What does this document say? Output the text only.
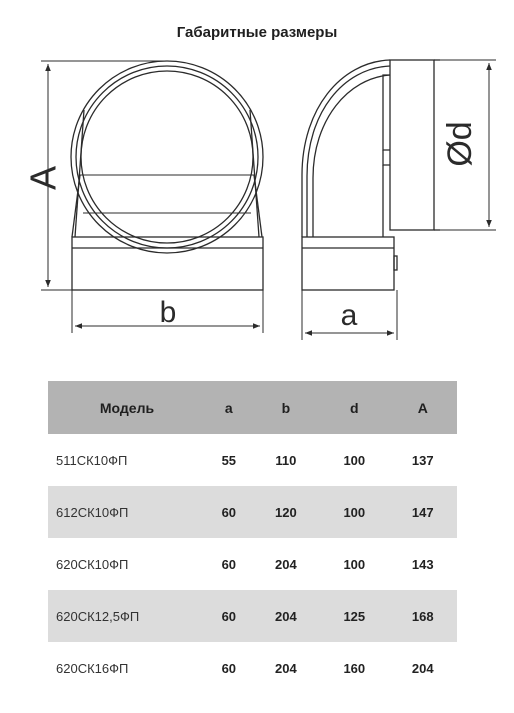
Габаритные размеры
A
b
Ød
a
Модель	a	b	d	A
511СК10ФП	55	110	100	137
612СК10ФП	60	120	100	147
620СК10ФП	60	204	100	143
620СК12,5ФП	60	204	125	168
620СК16ФП	60	204	160	204
